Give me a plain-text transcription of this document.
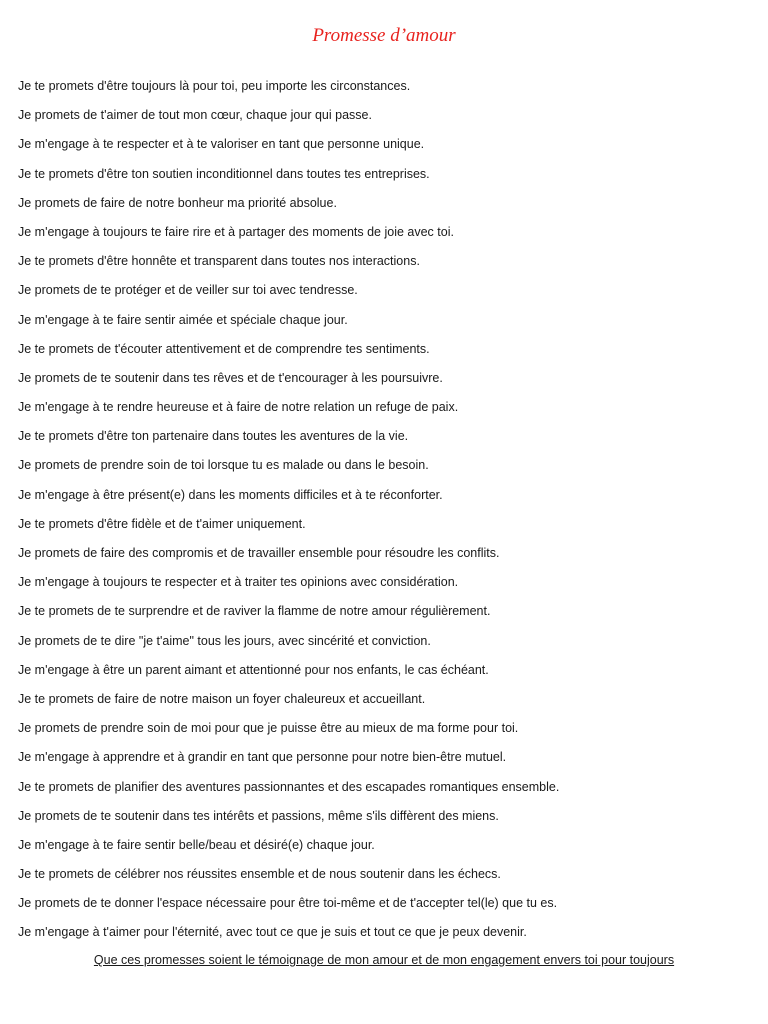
Promesse d’amour
Je te promets d'être toujours là pour toi, peu importe les circonstances.
Je promets de t'aimer de tout mon cœur, chaque jour qui passe.
Je m'engage à te respecter et à te valoriser en tant que personne unique.
Je te promets d'être ton soutien inconditionnel dans toutes tes entreprises.
Je promets de faire de notre bonheur ma priorité absolue.
Je m'engage à toujours te faire rire et à partager des moments de joie avec toi.
Je te promets d'être honnête et transparent dans toutes nos interactions.
Je promets de te protéger et de veiller sur toi avec tendresse.
Je m'engage à te faire sentir aimée et spéciale chaque jour.
Je te promets de t'écouter attentivement et de comprendre tes sentiments.
Je promets de te soutenir dans tes rêves et de t'encourager à les poursuivre.
Je m'engage à te rendre heureuse et à faire de notre relation un refuge de paix.
Je te promets d'être ton partenaire dans toutes les aventures de la vie.
Je promets de prendre soin de toi lorsque tu es malade ou dans le besoin.
Je m'engage à être présent(e) dans les moments difficiles et à te réconforter.
Je te promets d'être fidèle et de t'aimer uniquement.
Je promets de faire des compromis et de travailler ensemble pour résoudre les conflits.
Je m'engage à toujours te respecter et à traiter tes opinions avec considération.
Je te promets de te surprendre et de raviver la flamme de notre amour régulièrement.
Je promets de te dire "je t'aime" tous les jours, avec sincérité et conviction.
Je m'engage à être un parent aimant et attentionné pour nos enfants, le cas échéant.
Je te promets de faire de notre maison un foyer chaleureux et accueillant.
Je promets de prendre soin de moi pour que je puisse être au mieux de ma forme pour toi.
Je m'engage à apprendre et à grandir en tant que personne pour notre bien-être mutuel.
Je te promets de planifier des aventures passionnantes et des escapades romantiques ensemble.
Je promets de te soutenir dans tes intérêts et passions, même s'ils diffèrent des miens.
Je m'engage à te faire sentir belle/beau et désiré(e) chaque jour.
Je te promets de célébrer nos réussites ensemble et de nous soutenir dans les échecs.
Je promets de te donner l'espace nécessaire pour être toi-même et de t'accepter tel(le) que tu es.
Je m'engage à t'aimer pour l'éternité, avec tout ce que je suis et tout ce que je peux devenir.
Que ces promesses soient le témoignage de mon amour et de mon engagement envers toi pour toujours
